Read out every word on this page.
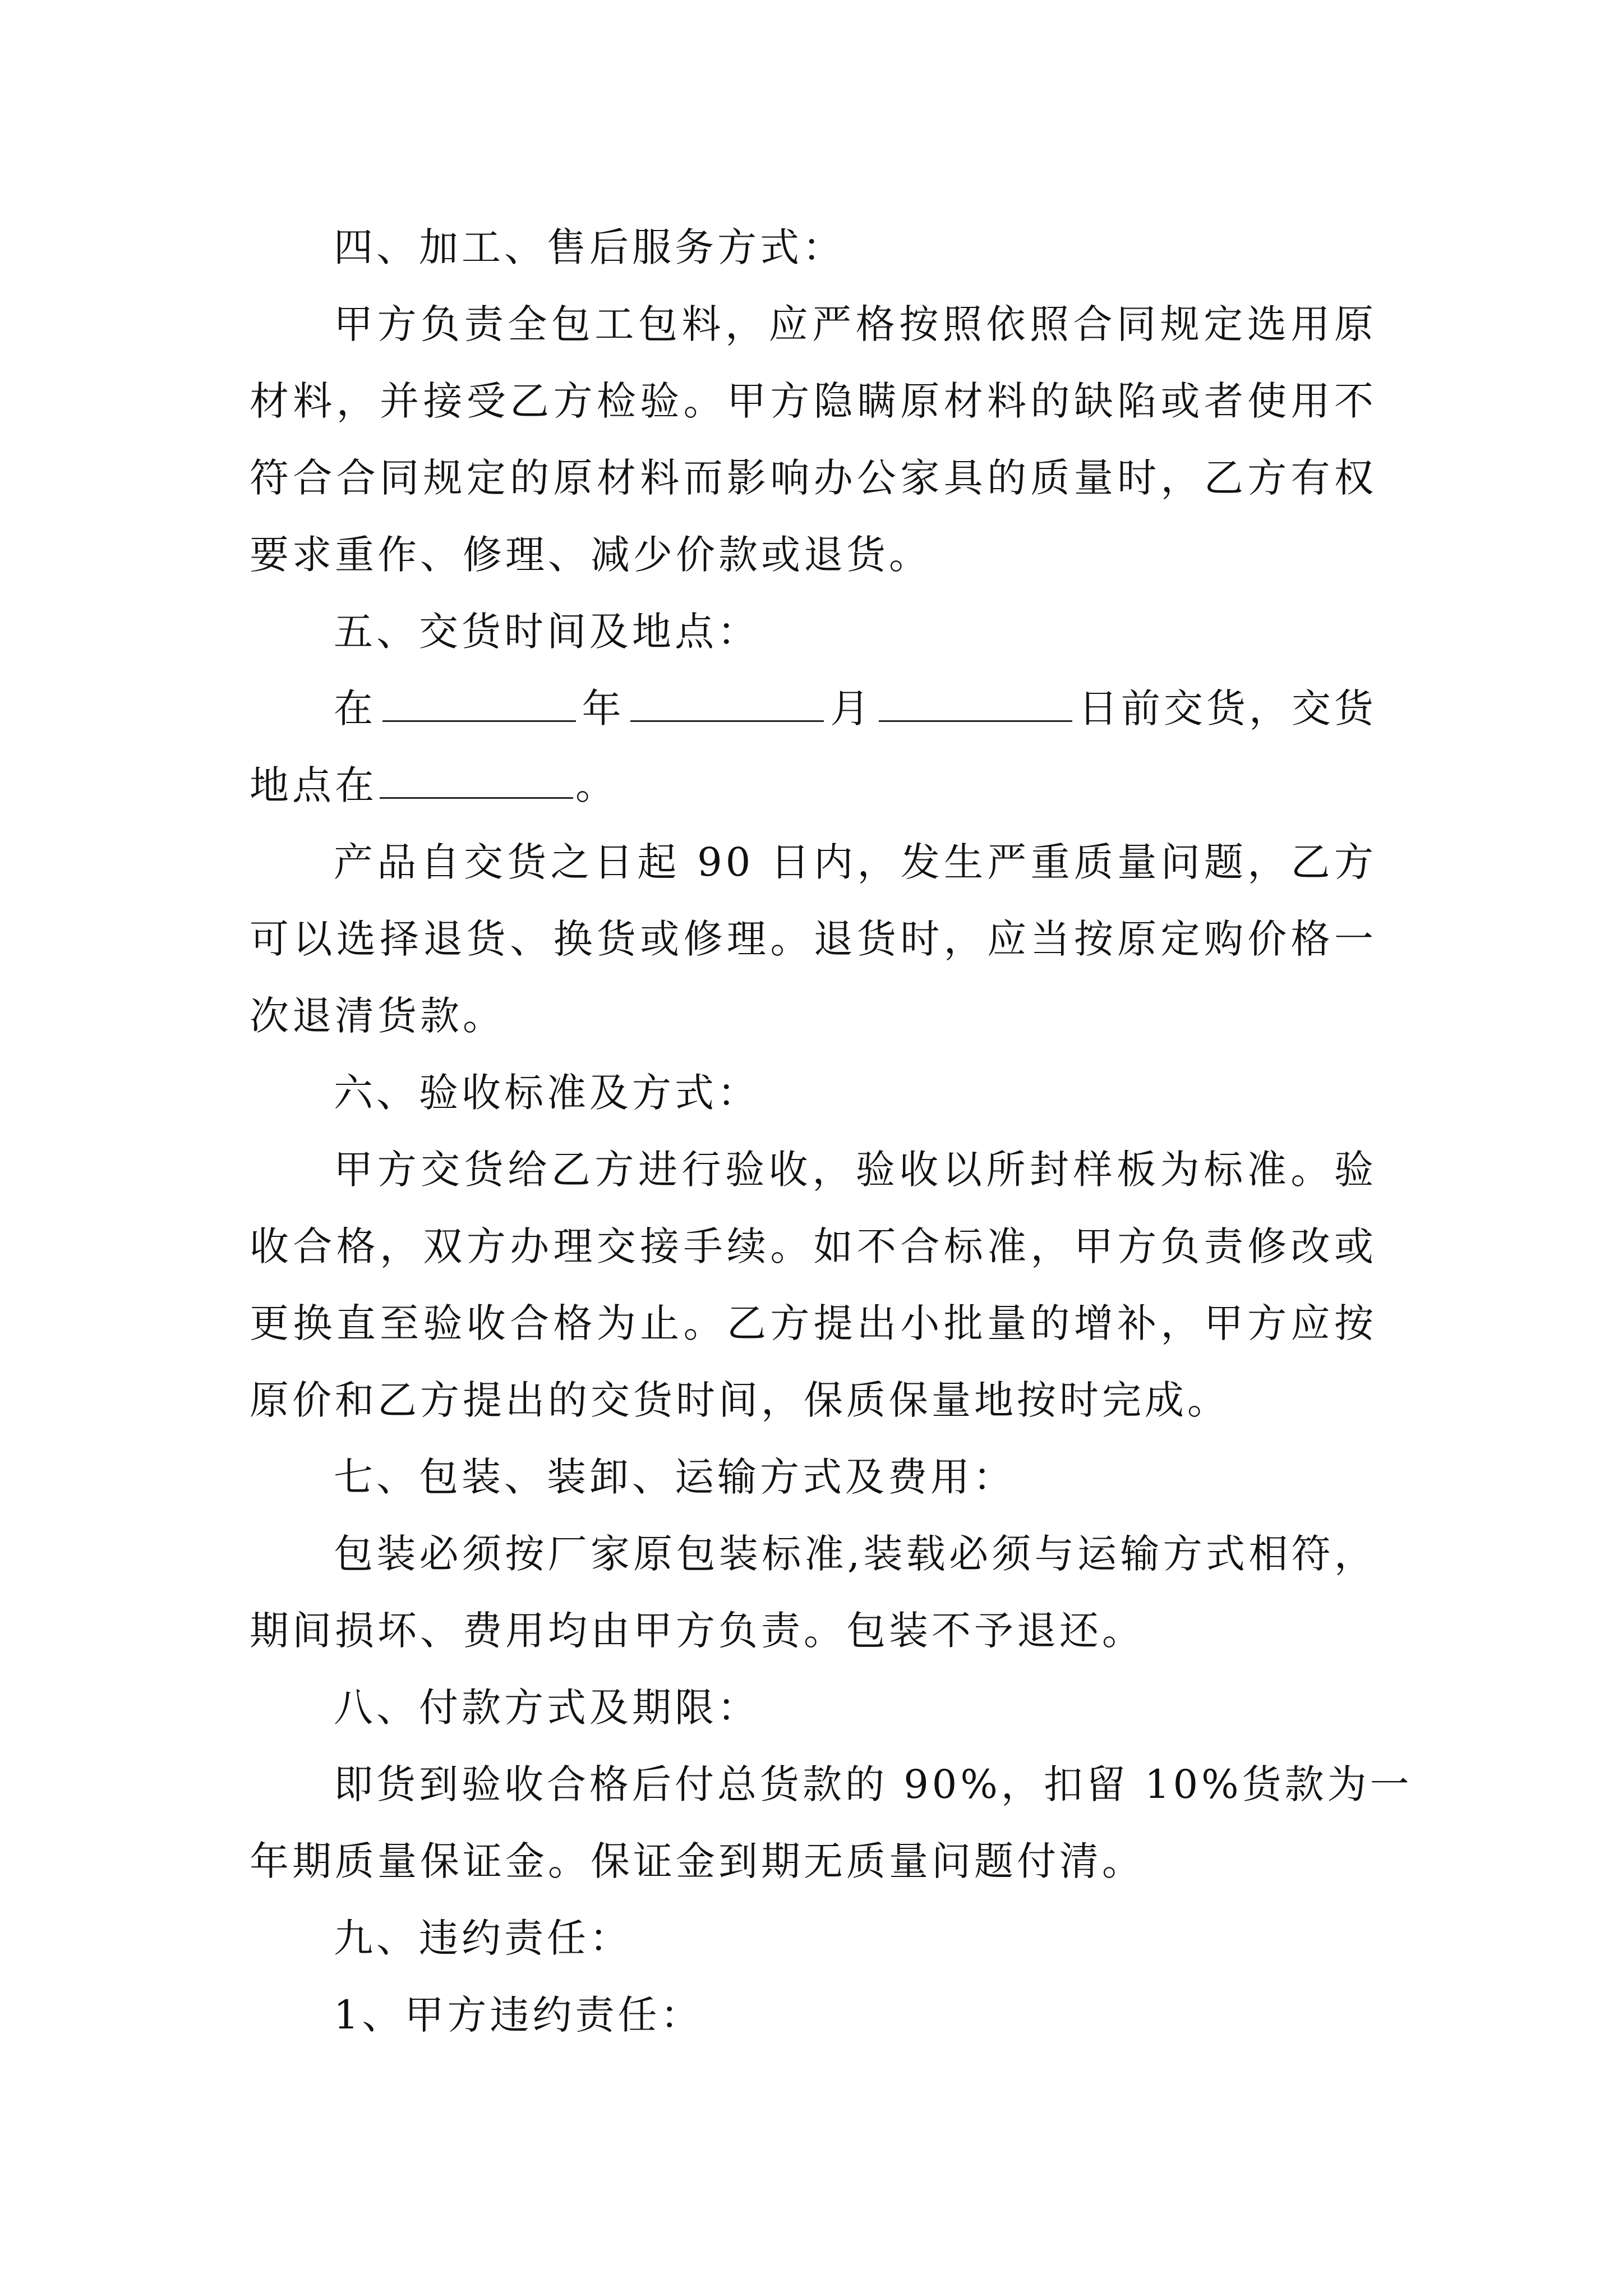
四、加工、售后服务方式：
甲方负责全包工包料，应严格按照依照合同规定选用原
材料，并接受乙方检验。甲方隐瞒原材料的缺陷或者使用不
符合合同规定的原材料而影响办公家具的质量时，乙方有权
要求重作、修理、减少价款或退货。
五、交货时间及地点：
在	年	月	日前交货，交货
地点在	。
产品自交货之日起 90 日内，发生严重质量问题，乙方
可以选择退货、换货或修理。退货时，应当按原定购价格一
次退清货款。
六、验收标准及方式：
甲方交货给乙方进行验收，验收以所封样板为标准。验
收合格，双方办理交接手续。如不合标准，甲方负责修改或
更换直至验收合格为止。乙方提出小批量的增补，甲方应按
原价和乙方提出的交货时间，保质保量地按时完成。
七、包装、装卸、运输方式及费用：
包装必须按厂家原包装标准,装载必须与运输方式相符，
期间损坏、费用均由甲方负责。包装不予退还。
八、付款方式及期限：
即货到验收合格后付总货款的 90%，扣留 10%货款为一
年期质量保证金。保证金到期无质量问题付清。
九、违约责任：
1、甲方违约责任：
